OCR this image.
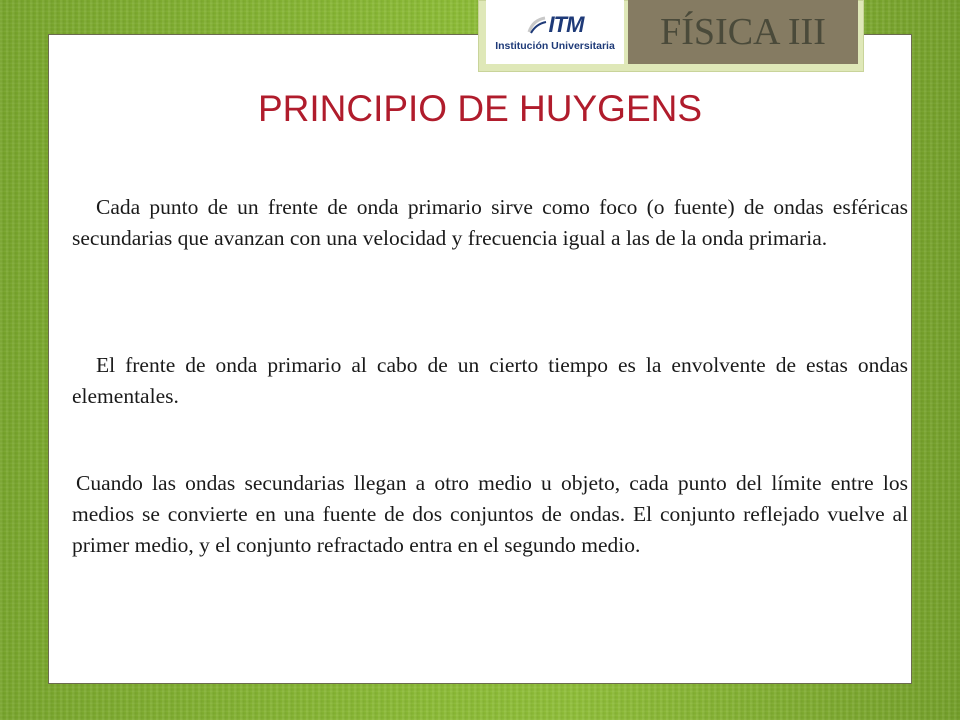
ITM
Institución Universitaria	FÍSICA III
PRINCIPIO DE HUYGENS

Cada punto de un frente de onda primario sirve como foco (o fuente) de ondas esféricas secundarias que avanzan con una velocidad y frecuencia igual a las de la onda primaria.

El frente de onda primario al cabo de un cierto tiempo es la envolvente de estas ondas elementales.

Cuando las ondas secundarias llegan a otro medio u objeto, cada punto del límite entre los medios se convierte en una fuente de dos conjuntos de ondas. El conjunto reflejado vuelve al primer medio, y el conjunto refractado entra en el segundo medio.
